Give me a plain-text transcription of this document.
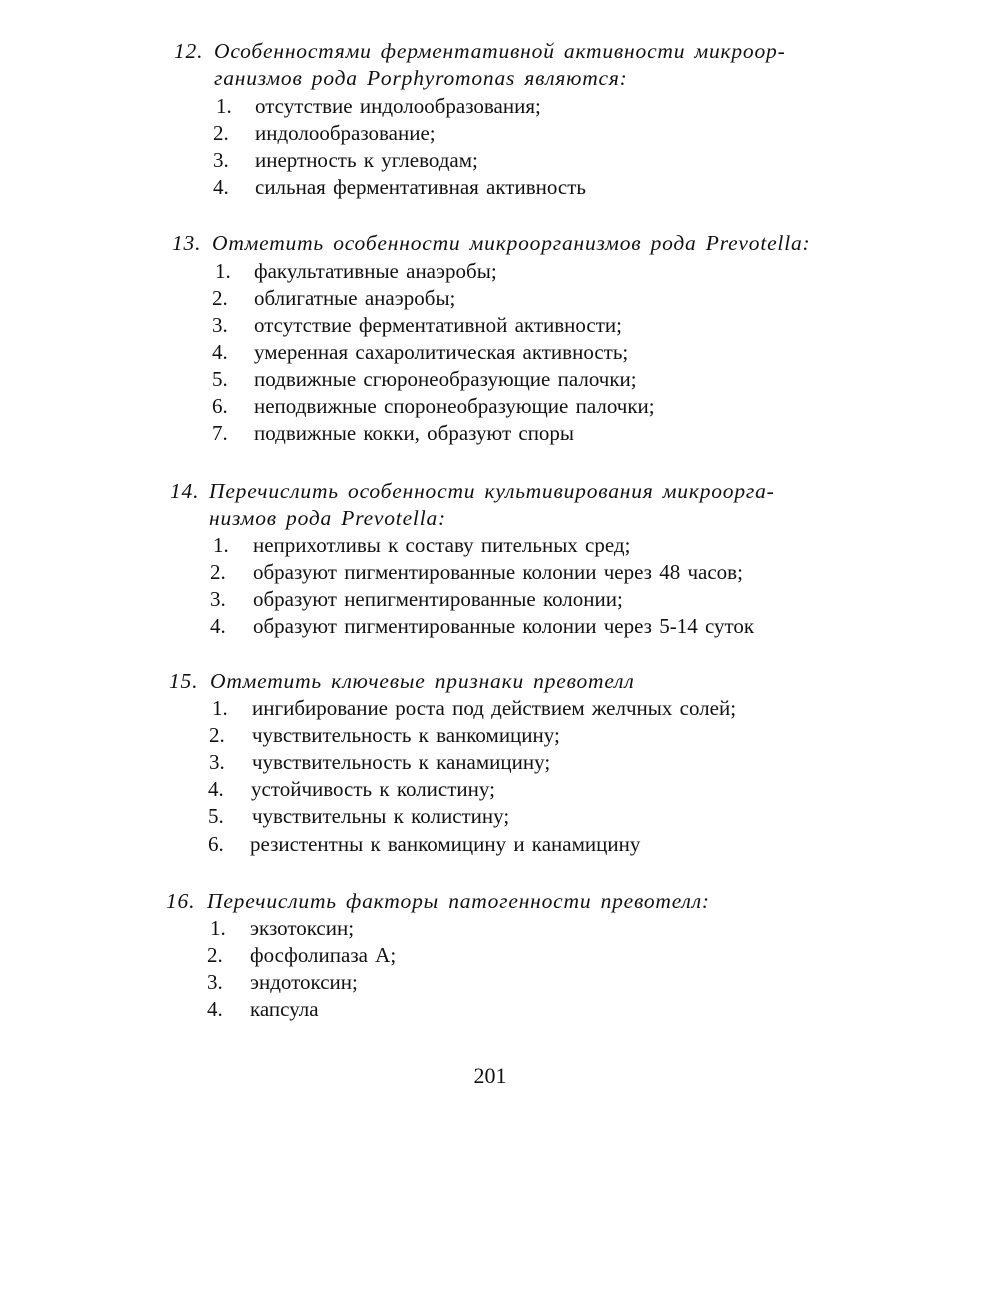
12. Особенностями ферментативной активности микроор-
ганизмов рода Porphyromonas являются:
1. отсутствие индолообразования;
2. индолообразование;
3. инертность к углеводам;
4. сильная ферментативная активность
13. Отметить особенности микроорганизмов рода Prevotella:
1. факультативные анаэробы;
2. облигатные анаэробы;
3. отсутствие ферментативной активности;
4. умеренная сахаролитическая активность;
5. подвижные сгюронеобразующие палочки;
6. неподвижные споронеобразующие палочки;
7. подвижные кокки, образуют споры
14. Перечислить особенности культивирования микроорга-
низмов рода Prevotella:
1. неприхотливы к составу пительных сред;
2. образуют пигментированные колонии через 48 часов;
3. образуют непигментированные колонии;
4. образуют пигментированные колонии через 5-14 суток
15. Отметить ключевые признаки превотелл
1. ингибирование роста под действием желчных солей;
2. чувствительность к ванкомицину;
3. чувствительность к канамицину;
4. устойчивость к колистину;
5. чувствительны к колистину;
6. резистентны к ванкомицину и канамицину
16. Перечислить факторы патогенности превотелл:
1. экзотоксин;
2. фосфолипаза А;
3. эндотоксин;
4. капсула
201
